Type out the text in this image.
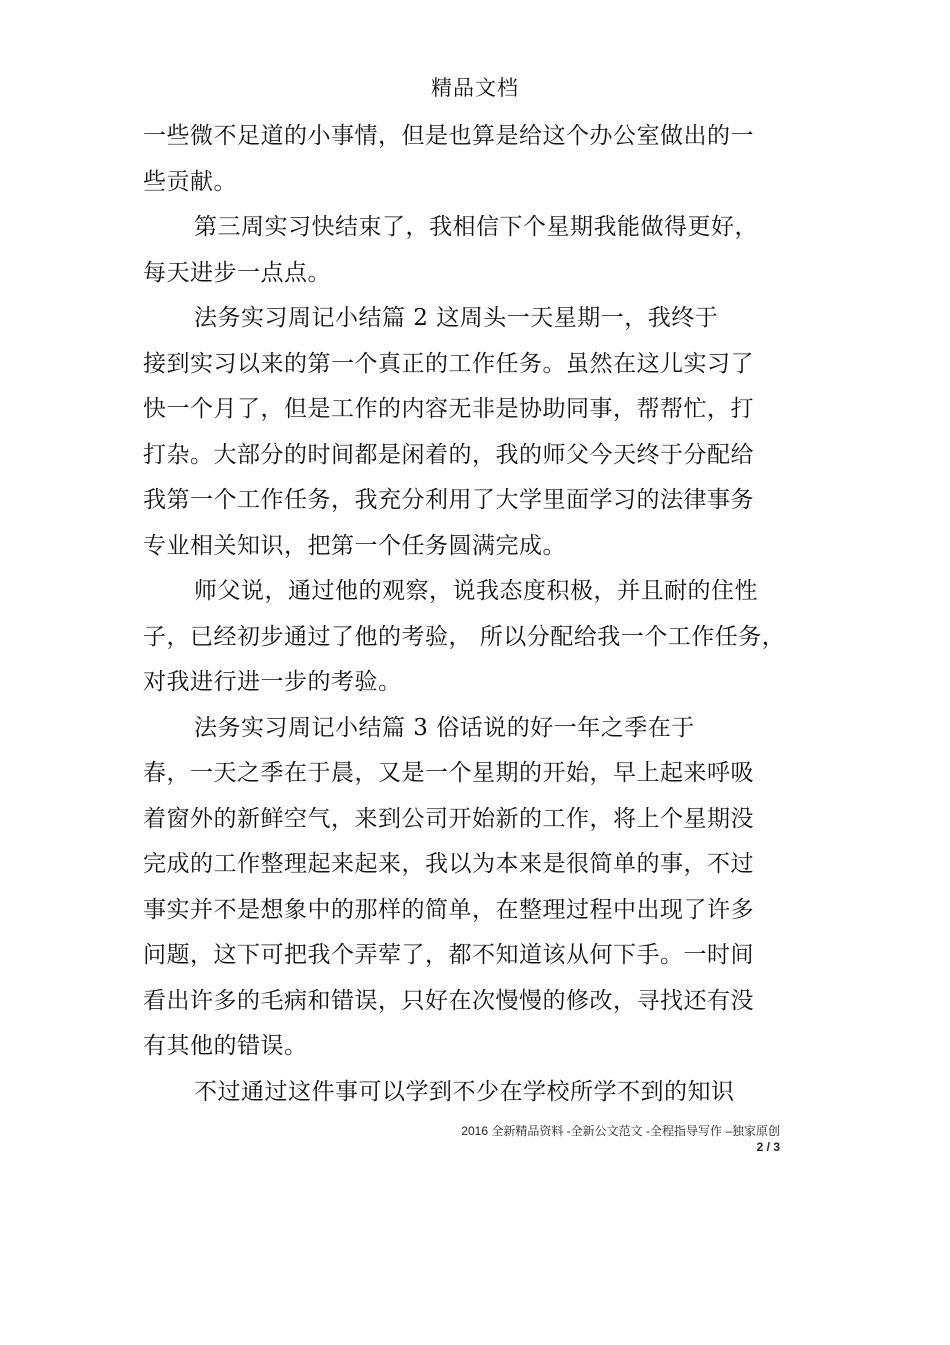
精品文档
一些微不足道的小事情，但是也算是给这个办公室做出的一
些贡献。
第三周实习快结束了，我相信下个星期我能做得更好，
每天进步一点点。
法务实习周记小结篇 2 这周头一天星期一，我终于
接到实习以来的第一个真正的工作任务。虽然在这儿实习了
快一个月了，但是工作的内容无非是协助同事，帮帮忙，打
打杂。大部分的时间都是闲着的，我的师父今天终于分配给
我第一个工作任务，我充分利用了大学里面学习的法律事务
专业相关知识，把第一个任务圆满完成。
师父说，通过他的观察，说我态度积极，并且耐的住性
子，已经初步通过了他的考验， 所以分配给我一个工作任务，
对我进行进一步的考验。
法务实习周记小结篇 3 俗话说的好一年之季在于
春，一天之季在于晨，又是一个星期的开始，早上起来呼吸
着窗外的新鲜空气，来到公司开始新的工作，将上个星期没
完成的工作整理起来起来，我以为本来是很简单的事，不过
事实并不是想象中的那样的简单，在整理过程中出现了许多
问题，这下可把我个弄荤了，都不知道该从何下手。一时间
看出许多的毛病和错误，只好在次慢慢的修改，寻找还有没
有其他的错误。
不过通过这件事可以学到不少在学校所学不到的知识
2016 全新精品资料 -全新公文范文 -全程指导写作 –独家原创
2 / 3
